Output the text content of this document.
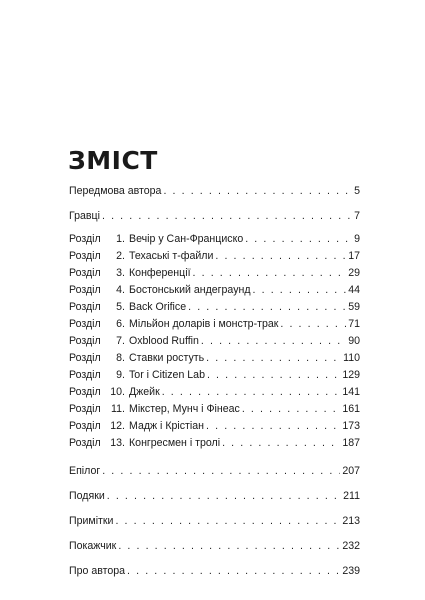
ЗМІСТ
Передмова автора . . .	5
Гравці . . .	7
Розділ	1. Вечір у Сан-Франциско . . .	9
Розділ	2. Техаські т-файли . . .	17
Розділ	3. Конференції . . .	29
Розділ	4. Бостонський андеграунд . . .	44
Розділ	5. Back Orifice . . .	59
Розділ	6. Мільйон доларів і монстр-трак . . .	71
Розділ	7. Oxblood Ruffin . . .	90
Розділ	8. Ставки ростуть . . .	110
Розділ	9. Tor і Citizen Lab . . .	129
Розділ 10. Джейк . . .	141
Розділ 11. Мікстер, Мунч і Фінеас . . .	161
Розділ 12. Мадж і Крістіан . . .	173
Розділ 13. Конгресмен і тролі . . .	187
Епілог . . .	207
Подяки . . .	211
Примітки . . .	213
Покажчик . . .	232
Про автора . . .	239
